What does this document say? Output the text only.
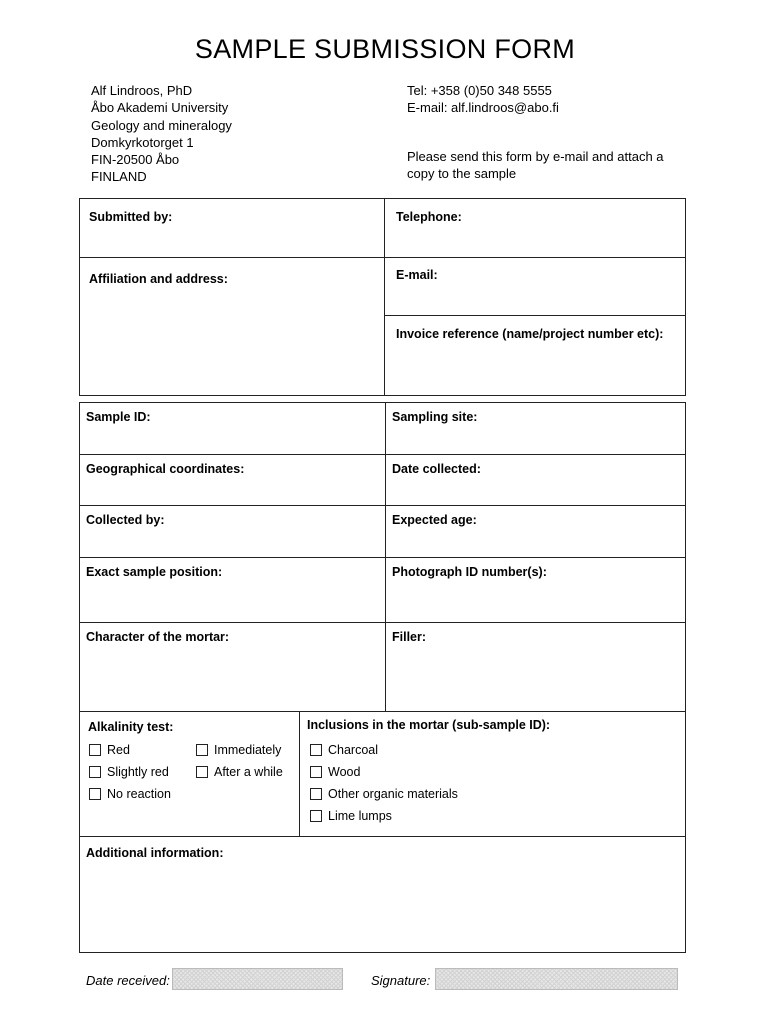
SAMPLE SUBMISSION FORM
Alf Lindroos, PhD
Åbo Akademi University
Geology and mineralogy
Domkyrkotorget 1
FIN-20500 Åbo
FINLAND
Tel: +358 (0)50 348 5555
E-mail: alf.lindroos@abo.fi
Please send this form by e-mail and attach a
copy to the sample
Submitted by:	Telephone:
Affiliation and address:	E-mail:
Invoice reference (name/project number etc):
Sample ID:	Sampling site:
Geographical coordinates:	Date collected:
Collected by:	Expected age:
Exact sample position:	Photograph ID number(s):
Character of the mortar:	Filler:
Alkalinity test:
Red
Slightly red
No reaction
Immediately
After a while
Inclusions in the mortar (sub-sample ID):
Charcoal
Wood
Other organic materials
Lime lumps
Additional information:
Date received:	Signature:
